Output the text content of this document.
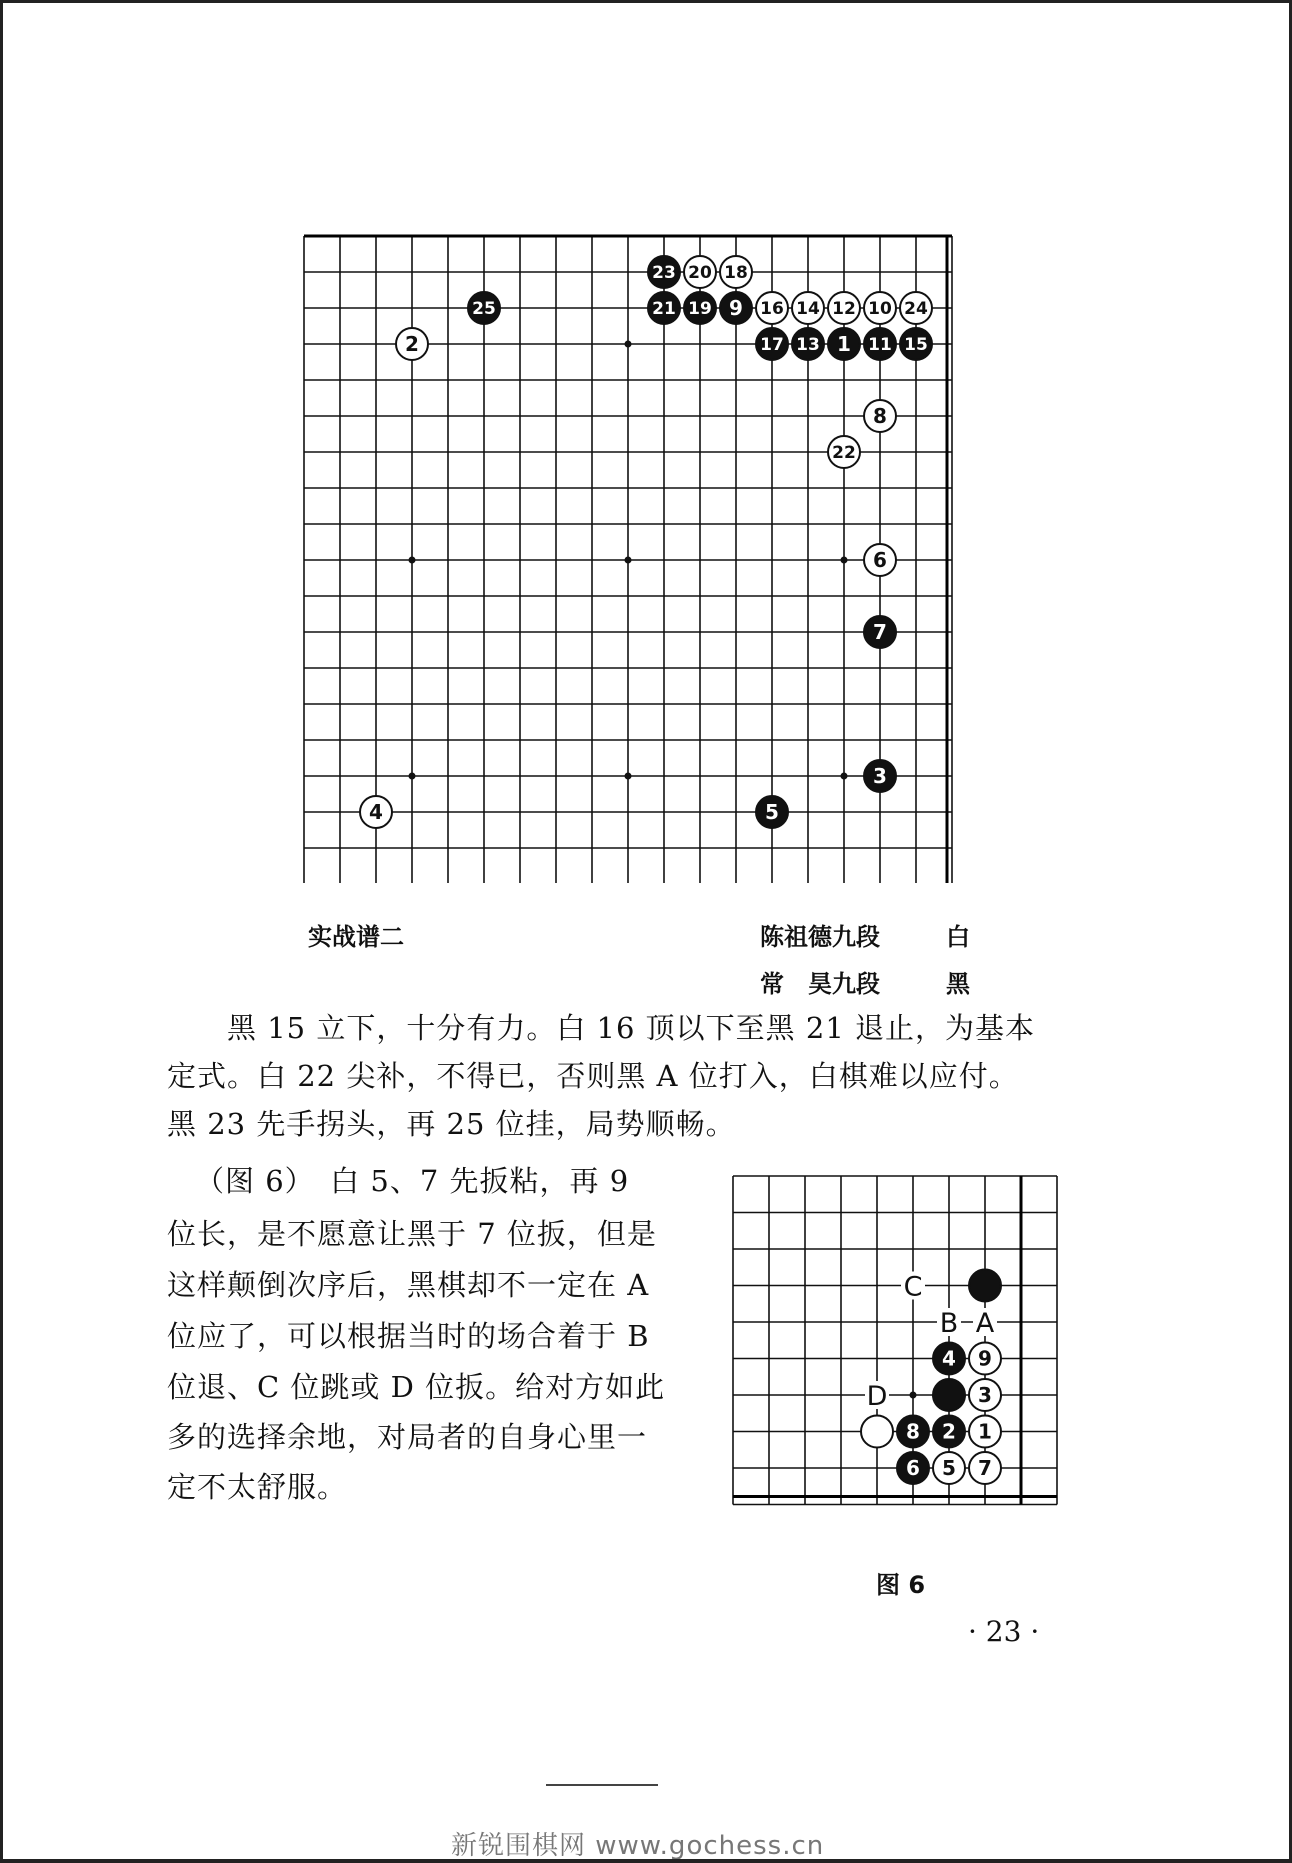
23 20 18
21 19 9 16 14 12 10 24
17 13 1 11 15
25
2
8
22
6
7
3
4	5
实战谱二	陈祖德九段	白
常　昊九段	黑
黑 15 立下，十分有力。白 16 顶以下至黑 21 退止，为基本
定式。白 22 尖补，不得已，否则黑 A 位打入，白棋难以应付。
黑 23 先手拐头，再 25 位挂，局势顺畅。
（图 6）　白 5、7 先扳粘，再 9
位长，是不愿意让黑于 7 位扳，但是
这样颠倒次序后，黑棋却不一定在 A
位应了，可以根据当时的场合着于 B
位退、C 位跳或 D 位扳。给对方如此
多的选择余地，对局者的自身心里一
定不太舒服。
C
B A
D
4 9
3
8 2 1
6 5 7
图 6
· 23 ·
新锐围棋网 www.gochess.cn
